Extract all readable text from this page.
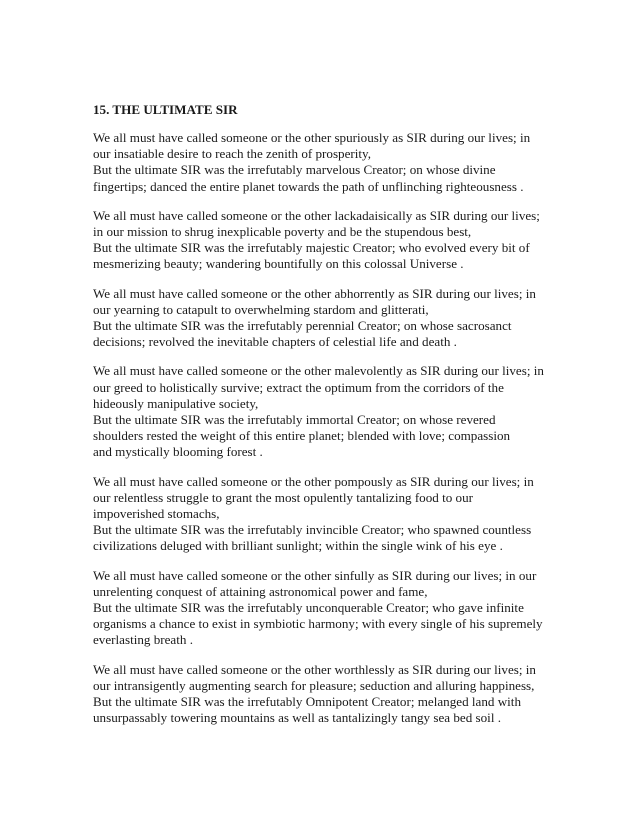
15. THE ULTIMATE SIR
We all must have called someone or the other spuriously as SIR during our lives; in
our insatiable desire to reach the zenith of prosperity,
But the ultimate SIR was the irrefutably marvelous Creator; on whose divine
fingertips; danced the entire planet towards the path of unflinching righteousness .
We all must have called someone or the other lackadaisically as SIR during our lives;
in our mission to shrug inexplicable poverty and be the stupendous best,
But the ultimate SIR was the irrefutably majestic Creator; who evolved every bit of
mesmerizing beauty; wandering bountifully on this colossal Universe .
We all must have called someone or the other abhorrently as SIR during our lives; in
our yearning to catapult to overwhelming stardom and glitterati,
But the ultimate SIR was the irrefutably perennial Creator; on whose sacrosanct
decisions; revolved the inevitable chapters of celestial life and death .
We all must have called someone or the other malevolently as SIR during our lives; in
our greed to holistically survive; extract the optimum from the corridors of the
hideously manipulative society,
But the ultimate SIR was the irrefutably immortal Creator; on whose revered
shoulders rested the weight of this entire planet; blended with love; compassion
and mystically blooming forest .
We all must have called someone or the other pompously as SIR during our lives; in
our relentless struggle to grant the most opulently tantalizing food to our
impoverished stomachs,
But the ultimate SIR was the irrefutably invincible Creator; who spawned countless
civilizations deluged with brilliant sunlight; within the single wink of his eye .
We all must have called someone or the other sinfully as SIR during our lives; in our
unrelenting conquest of attaining astronomical power and fame,
But the ultimate SIR was the irrefutably unconquerable Creator; who gave infinite
organisms a chance to exist in symbiotic harmony; with every single of his supremely
everlasting breath .
We all must have called someone or the other worthlessly as SIR during our lives; in
our intransigently augmenting search for pleasure; seduction and alluring happiness,
But the ultimate SIR was the irrefutably Omnipotent Creator; melanged land with
unsurpassably towering mountains as well as tantalizingly tangy sea bed soil .
